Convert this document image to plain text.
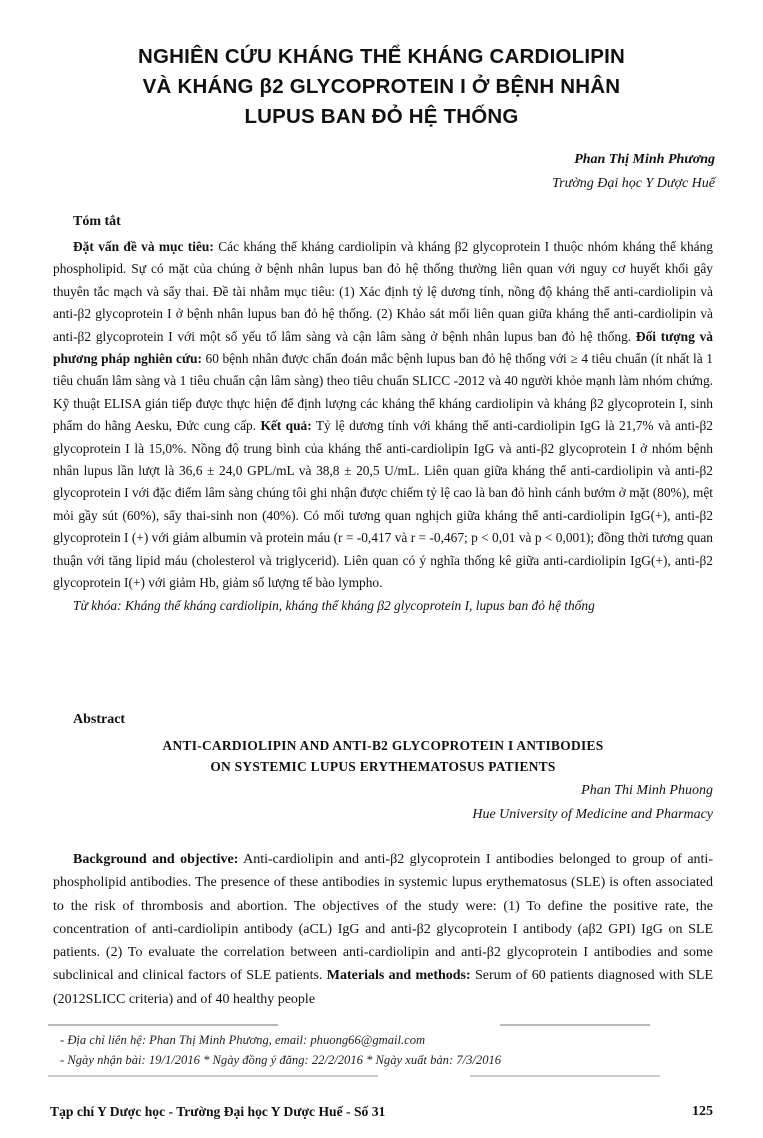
NGHIÊN CỨU KHÁNG THỂ KHÁNG CARDIOLIPIN
VÀ KHÁNG β2 GLYCOPROTEIN I Ở BỆNH NHÂN
LUPUS BAN ĐỎ HỆ THỐNG
Phan Thị Minh Phương
Trường Đại học Y Dược Huế
Tóm tắt

Đặt vấn đề và mục tiêu: Các kháng thể kháng cardiolipin và kháng β2 glycoprotein I thuộc nhóm kháng thể kháng phospholipid. Sự có mặt của chúng ở bệnh nhân lupus ban đỏ hệ thống thường liên quan với nguy cơ huyết khối gây thuyên tắc mạch và sẩy thai. Đề tài nhằm mục tiêu: (1) Xác định tỷ lệ dương tính, nồng độ kháng thể anti-cardiolipin và anti-β2 glycoprotein I ở bệnh nhân lupus ban đỏ hệ thống. (2) Khảo sát mối liên quan giữa kháng thể anti-cardiolipin và anti-β2 glycoprotein I với một số yếu tố lâm sàng và cận lâm sàng ở bệnh nhân lupus ban đỏ hệ thống. Đối tượng và phương pháp nghiên cứu: 60 bệnh nhân được chẩn đoán mắc bệnh lupus ban đỏ hệ thống với ≥ 4 tiêu chuẩn (ít nhất là 1 tiêu chuẩn lâm sàng và 1 tiêu chuẩn cận lâm sàng) theo tiêu chuẩn SLICC -2012 và 40 người khỏe mạnh làm nhóm chứng. Kỹ thuật ELISA gián tiếp được thực hiện để định lượng các kháng thể kháng cardiolipin và kháng β2 glycoprotein I, sinh phẩm do hãng Aesku, Đức cung cấp. Kết quả: Tỷ lệ dương tính với kháng thể anti-cardiolipin IgG là 21,7% và anti-β2 glycoprotein I là 15,0%. Nồng độ trung bình của kháng thể anti-cardiolipin IgG và anti-β2 glycoprotein I ở nhóm bệnh nhân lupus lần lượt là 36,6 ± 24,0 GPL/mL và 38,8 ± 20,5 U/mL. Liên quan giữa kháng thể anti-cardiolipin và anti-β2 glycoprotein I với đặc điểm lâm sàng chúng tôi ghi nhận được chiếm tỷ lệ cao là ban đỏ hình cánh bướm ở mặt (80%), mệt mỏi gầy sút (60%), sẩy thai-sinh non (40%). Có mối tương quan nghịch giữa kháng thể anti-cardiolipin IgG(+), anti-β2 glycoprotein I (+) với giảm albumin và protein máu (r = -0,417 và r = -0,467; p < 0,01 và p < 0,001); đồng thời tương quan thuận với tăng lipid máu (cholesterol và triglycerid). Liên quan có ý nghĩa thống kê giữa anti-cardiolipin IgG(+), anti-β2 glycoprotein I(+) với giảm Hb, giảm số lượng tế bào lympho.

Từ khóa: Kháng thể kháng cardiolipin, kháng thể kháng β2 glycoprotein I, lupus ban đỏ hệ thống

Abstract
ANTI-CARDIOLIPIN AND ANTI-Β2 GLYCOPROTEIN I ANTIBODIES
ON SYSTEMIC LUPUS ERYTHEMATOSUS PATIENTS
Phan Thi Minh Phuong
Hue University of Medicine and Pharmacy

Background and objective: Anti-cardiolipin and anti-β2 glycoprotein I antibodies belonged to group of anti-phospholipid antibodies. The presence of these antibodies in systemic lupus erythematosus (SLE) is often associated to the risk of thrombosis and abortion. The objectives of the study were: (1) To define the positive rate, the concentration of anti-cardiolipin antibody (aCL) IgG and anti-β2 glycoprotein I antibody (aβ2 GPI) IgG on SLE patients. (2) To evaluate the correlation between anti-cardiolipin and anti-β2 glycoprotein I antibodies and some subclinical and clinical factors of SLE patients. Materials and methods: Serum of 60 patients diagnosed with SLE (2012SLICC criteria) and of 40 healthy people

- Địa chỉ liên hệ: Phan Thị Minh Phương, email: phuong66@gmail.com
- Ngày nhận bài: 19/1/2016 * Ngày đồng ý đăng: 22/2/2016 * Ngày xuất bản: 7/3/2016
Tạp chí Y Dược học - Trường Đại học Y Dược Huế - Số 31	125
